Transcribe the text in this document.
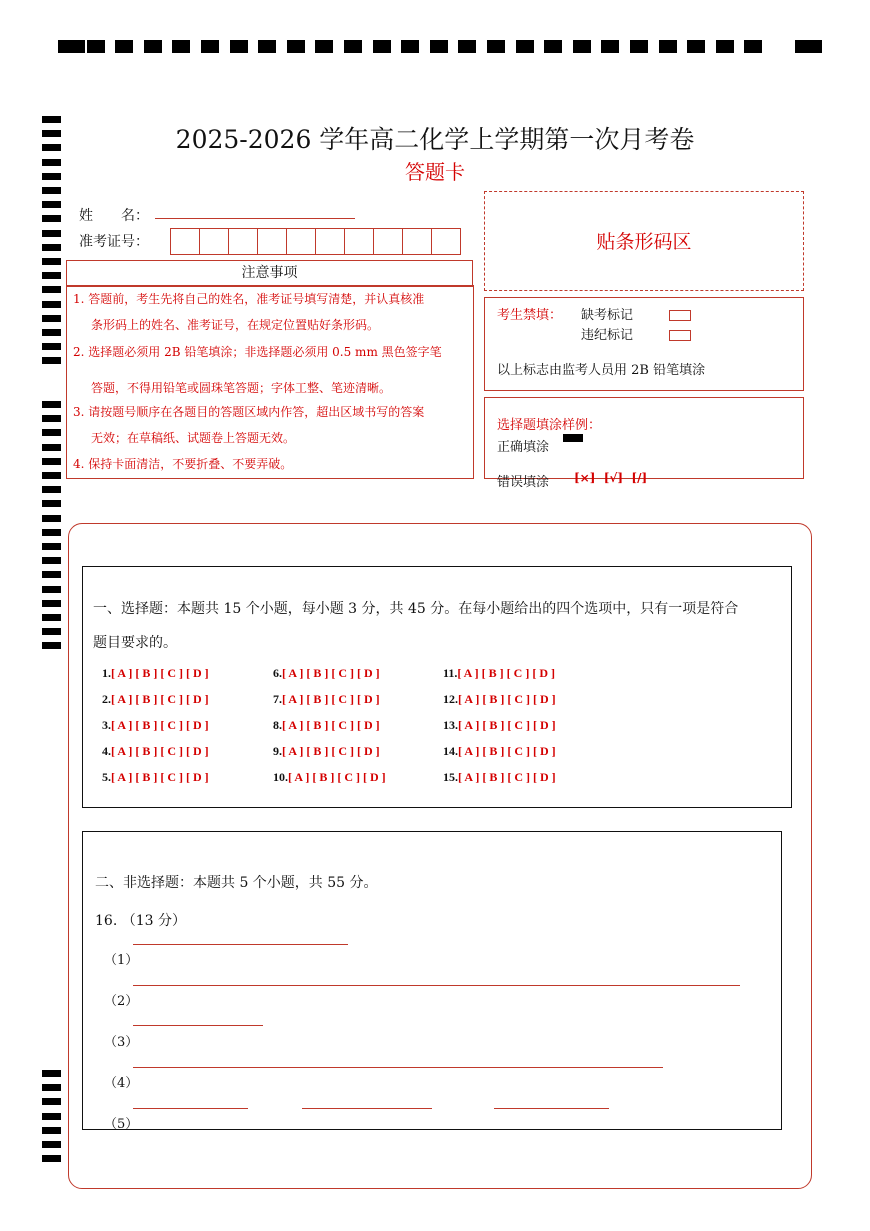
2025-2026 学年高二化学上学期第一次月考卷
答题卡
姓　　名：
准考证号：
注意事项

1. 答题前，考生先将自己的姓名，准考证号填写清楚，并认真核准

条形码上的姓名、准考证号，在规定位置贴好条形码。

2. 选择题必须用 2B 铅笔填涂；非选择题必须用 0.5 mm 黑色签字笔

答题，不得用铅笔或圆珠笔答题；字体工整、笔迹清晰。

3. 请按题号顺序在各题目的答题区域内作答，超出区域书写的答案

无效；在草稿纸、试题卷上答题无效。

4. 保持卡面清洁，不要折叠、不要弄破。

贴条形码区
考生禁填： 缺考标记
违纪标记
以上标志由监考人员用 2B 铅笔填涂
选择题填涂样例：
正确填涂
错误填涂 [×] [√] [/]
一、选择题：本题共 15 个小题，每小题 3 分，共 45 分。在每小题给出的四个选项中，只有一项是符合
题目要求的。
1.[ A ] [ B ] [ C ] [ D ]
2.[ A ] [ B ] [ C ] [ D ]
3.[ A ] [ B ] [ C ] [ D ]
4.[ A ] [ B ] [ C ] [ D ]
5.[ A ] [ B ] [ C ] [ D ]
6.[ A ] [ B ] [ C ] [ D ]
7.[ A ] [ B ] [ C ] [ D ]
8.[ A ] [ B ] [ C ] [ D ]
9.[ A ] [ B ] [ C ] [ D ]
10.[ A ] [ B ] [ C ] [ D ]
11.[ A ] [ B ] [ C ] [ D ]
12.[ A ] [ B ] [ C ] [ D ]
13.[ A ] [ B ] [ C ] [ D ]
14.[ A ] [ B ] [ C ] [ D ]
15.[ A ] [ B ] [ C ] [ D ]
二、非选择题：本题共 5 个小题，共 55 分。
16. （13 分）
（1）
（2）
（3）
（4）
（5）
